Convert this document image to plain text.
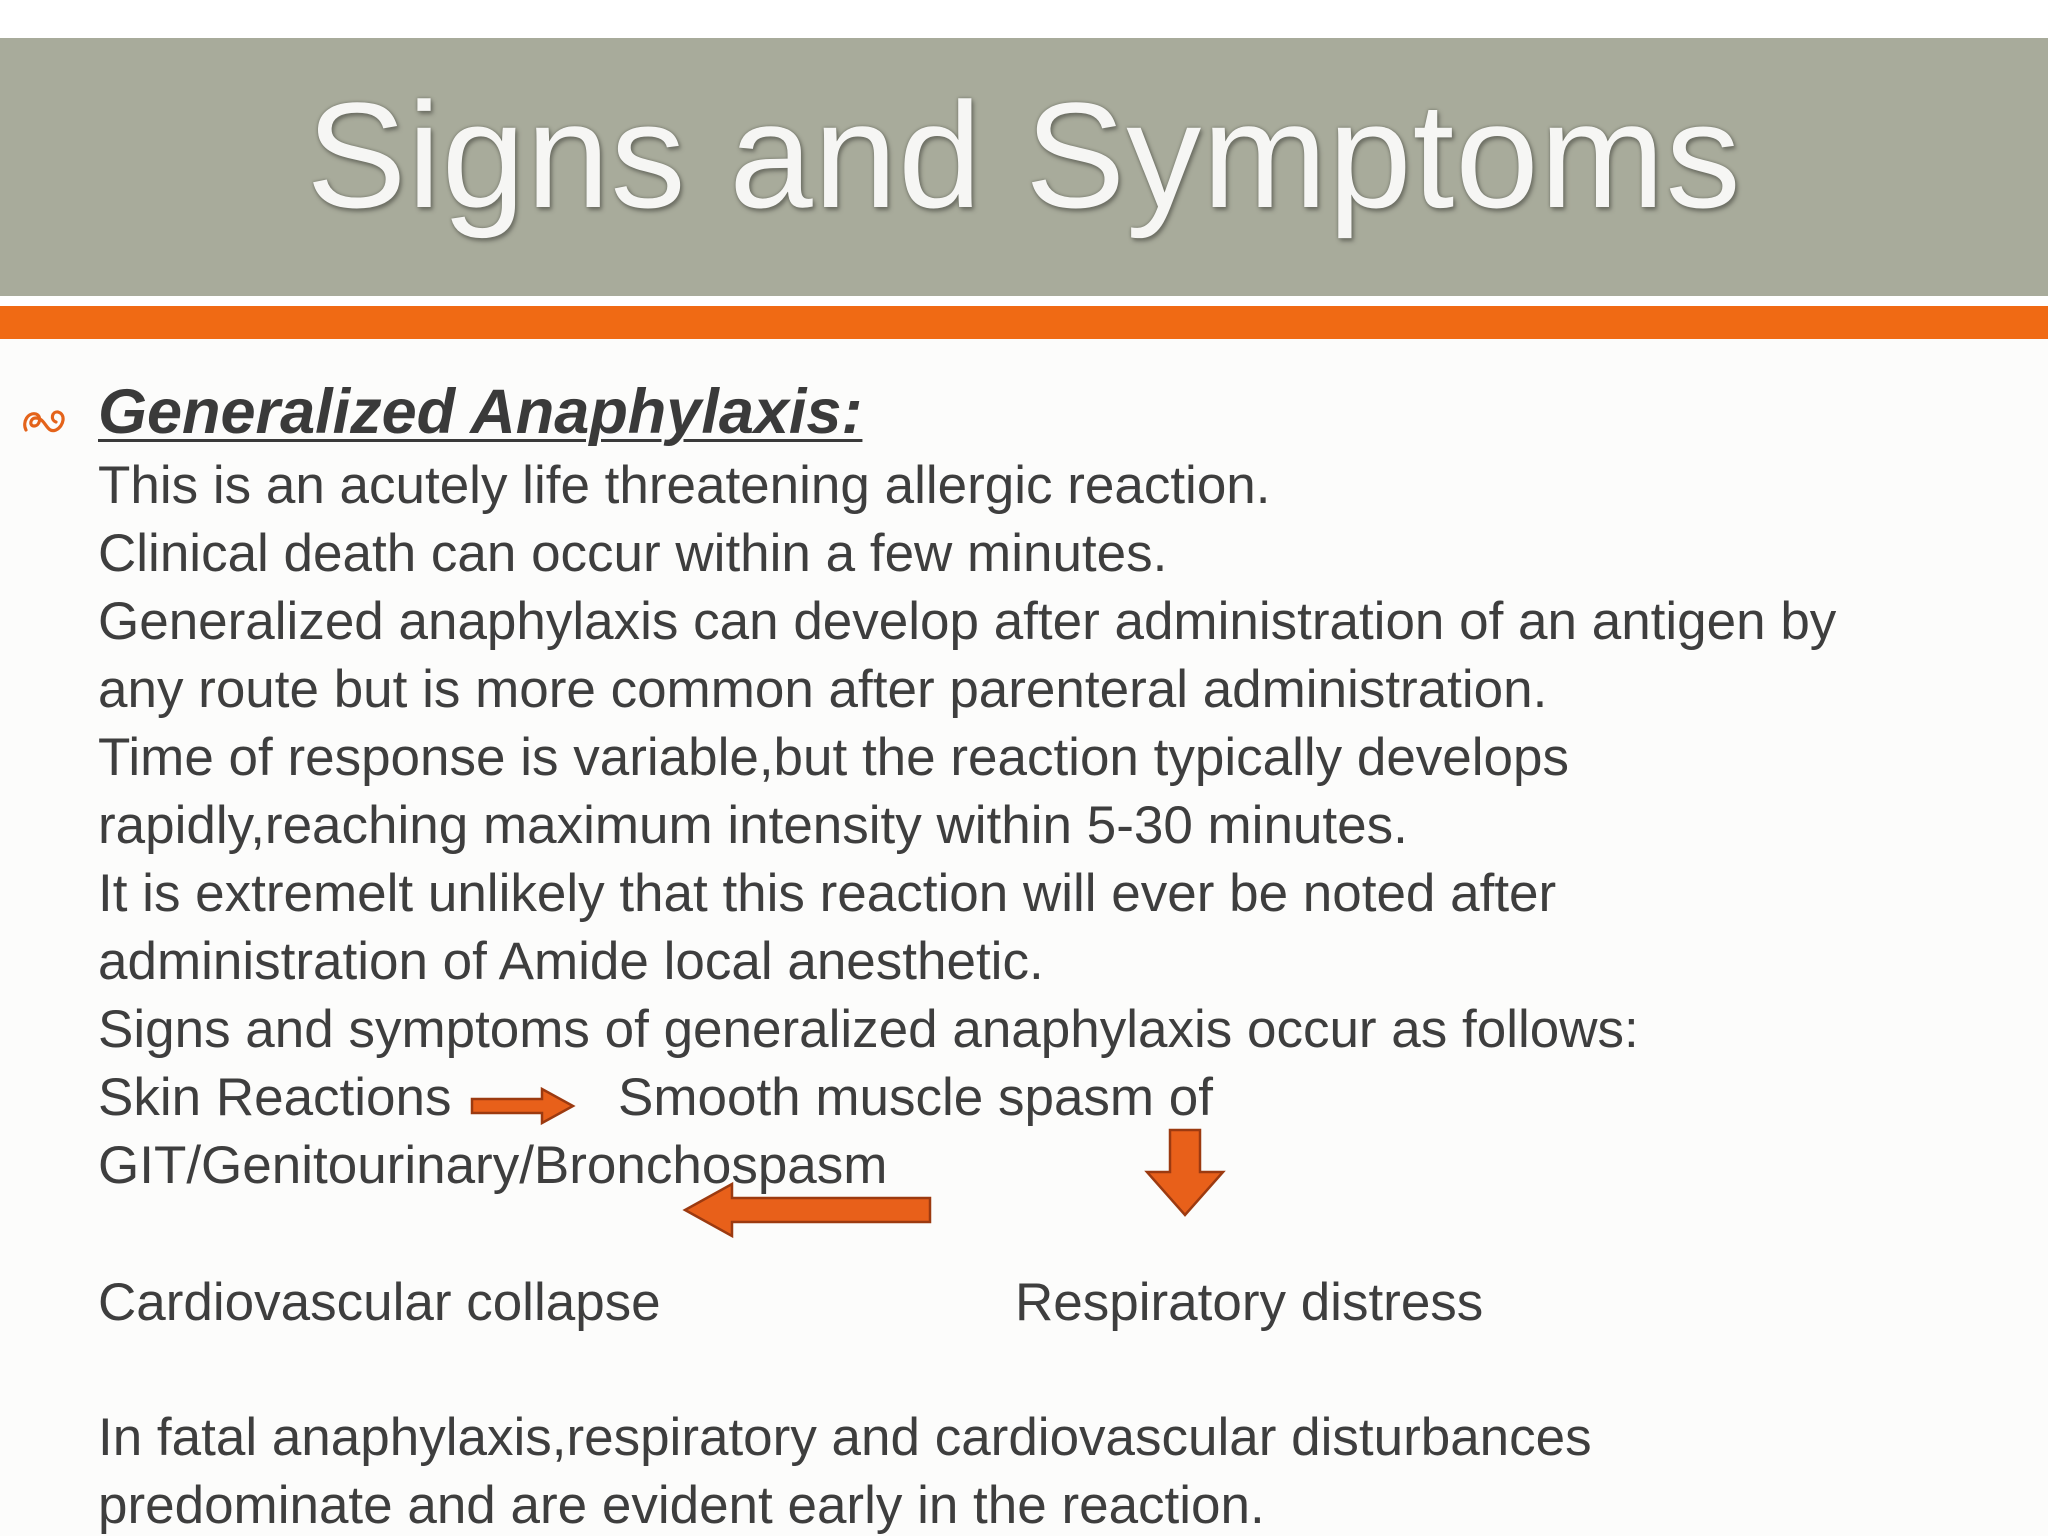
Signs and Symptoms
Generalized Anaphylaxis:
This is an acutely life threatening allergic reaction.
Clinical death can occur within a few minutes.
Generalized anaphylaxis can develop after administration of an antigen by
any route but is more common after parenteral administration.
Time of response is variable,but the reaction typically develops
rapidly,reaching maximum intensity within 5-30 minutes.
It is extremelt unlikely that this reaction will ever be noted after
administration of Amide local anesthetic.
Signs and symptoms of generalized anaphylaxis occur as follows:
Skin Reactions	Smooth muscle spasm of
GIT/Genitourinary/Bronchospasm
Cardiovascular collapse	Respiratory distress
In fatal anaphylaxis,respiratory and cardiovascular disturbances
predominate and are evident early in the reaction.
